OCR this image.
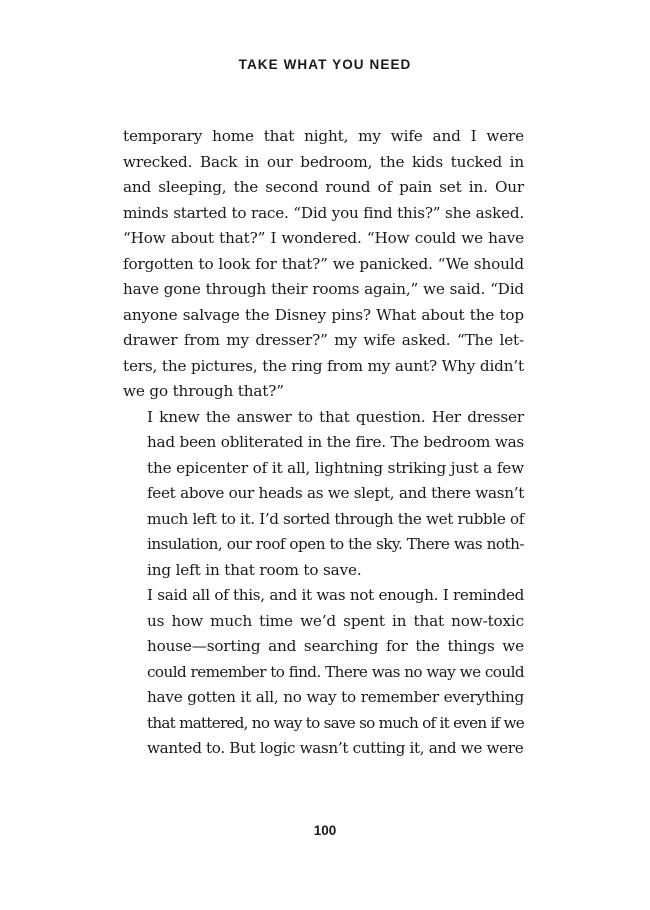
TAKE WHAT YOU NEED

temporary home that night, my wife and I were
wrecked. Back in our bedroom, the kids tucked in
and sleeping, the second round of pain set in. Our
minds started to race. “Did you find this?” she asked.
“How about that?” I wondered. “How could we have
forgotten to look for that?” we panicked. “We should
have gone through their rooms again,” we said. “Did
anyone salvage the Disney pins? What about the top
drawer from my dresser?” my wife asked. “The let-
ters, the pictures, the ring from my aunt? Why didn’t
we go through that?”

I knew the answer to that question. Her dresser
had been obliterated in the fire. The bedroom was
the epicenter of it all, lightning striking just a few
feet above our heads as we slept, and there wasn’t
much left to it. I’d sorted through the wet rubble of
insulation, our roof open to the sky. There was noth-
ing left in that room to save.

I said all of this, and it was not enough. I reminded
us how much time we’d spent in that now-toxic
house—sorting and searching for the things we
could remember to find. There was no way we could
have gotten it all, no way to remember everything
that mattered, no way to save so much of it even if we
wanted to. But logic wasn’t cutting it, and we were

100
